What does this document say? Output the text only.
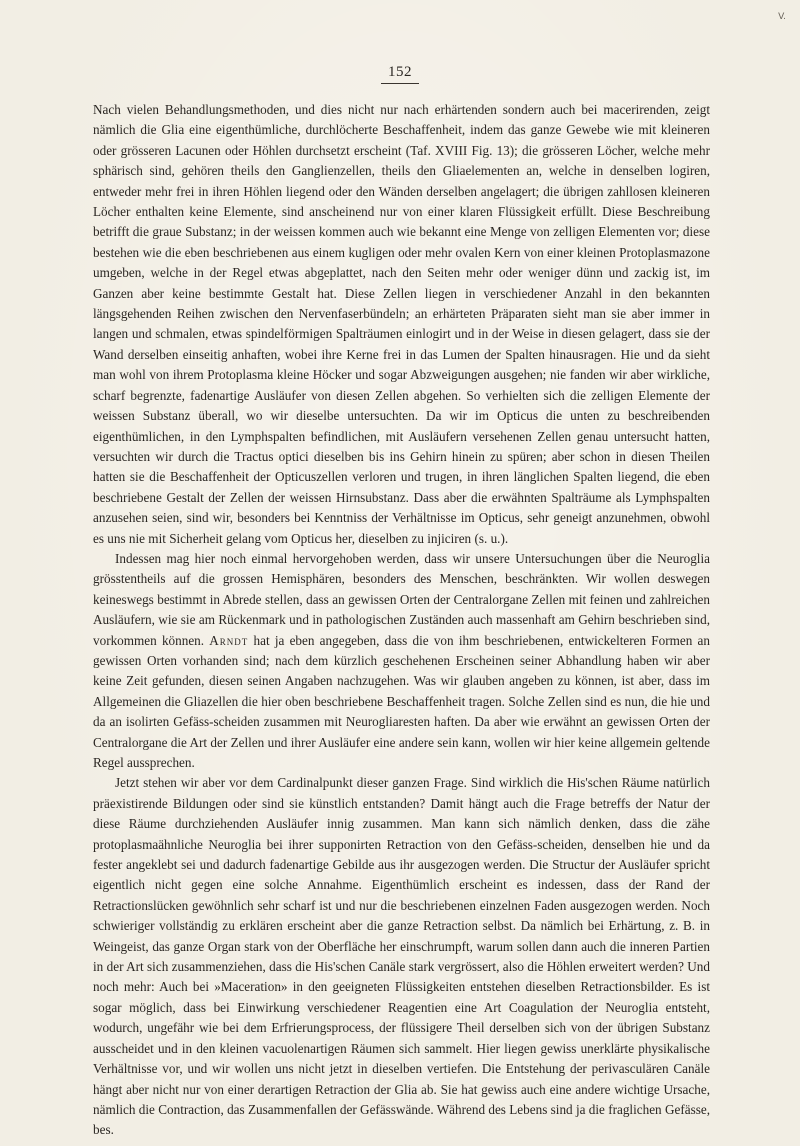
V.
152

Nach vielen Behandlungsmethoden, und dies nicht nur nach erhärtenden sondern auch bei macerirenden, zeigt nämlich die Glia eine eigenthümliche, durchlöcherte Beschaffenheit, indem das ganze Gewebe wie mit kleineren oder grösseren Lacunen oder Höhlen durchsetzt erscheint (Taf. XVIII Fig. 13); die grösseren Löcher, welche mehr sphärisch sind, gehören theils den Ganglienzellen, theils den Gliaelementen an, welche in denselben logiren, entweder mehr frei in ihren Höhlen liegend oder den Wänden derselben angelagert; die übrigen zahllosen kleineren Löcher enthalten keine Elemente, sind anscheinend nur von einer klaren Flüssigkeit erfüllt. Diese Beschreibung betrifft die graue Substanz; in der weissen kommen auch wie bekannt eine Menge von zelligen Elementen vor; diese bestehen wie die eben beschriebenen aus einem kugligen oder mehr ovalen Kern von einer kleinen Protoplasmazone umgeben, welche in der Regel etwas abgeplattet, nach den Seiten mehr oder weniger dünn und zackig ist, im Ganzen aber keine bestimmte Gestalt hat. Diese Zellen liegen in verschiedener Anzahl in den bekannten längsgehenden Reihen zwischen den Nervenfaserbündeln; an erhärteten Präparaten sieht man sie aber immer in langen und schmalen, etwas spindelförmigen Spalträumen einlogirt und in der Weise in diesen gelagert, dass sie der Wand derselben einseitig anhaften, wobei ihre Kerne frei in das Lumen der Spalten hinausragen. Hie und da sieht man wohl von ihrem Protoplasma kleine Höcker und sogar Abzweigungen ausgehen; nie fanden wir aber wirkliche, scharf begrenzte, fadenartige Ausläufer von diesen Zellen abgehen. So verhielten sich die zelligen Elemente der weissen Substanz überall, wo wir dieselbe untersuchten. Da wir im Opticus die unten zu beschreibenden eigenthümlichen, in den Lymphspalten befindlichen, mit Ausläufern versehenen Zellen genau untersucht hatten, versuchten wir durch die Tractus optici dieselben bis ins Gehirn hinein zu spüren; aber schon in diesen Theilen hatten sie die Beschaffenheit der Opticuszellen verloren und trugen, in ihren länglichen Spalten liegend, die eben beschriebene Gestalt der Zellen der weissen Hirnsubstanz. Dass aber die erwähnten Spalträume als Lymphspalten anzusehen seien, sind wir, besonders bei Kenntniss der Verhältnisse im Opticus, sehr geneigt anzunehmen, obwohl es uns nie mit Sicherheit gelang vom Opticus her, dieselben zu injiciren (s. u.).

Indessen mag hier noch einmal hervorgehoben werden, dass wir unsere Untersuchungen über die Neuroglia grösstentheils auf die grossen Hemisphären, besonders des Menschen, beschränkten. Wir wollen deswegen keineswegs bestimmt in Abrede stellen, dass an gewissen Orten der Centralorgane Zellen mit feinen und zahlreichen Ausläufern, wie sie am Rückenmark und in pathologischen Zuständen auch massenhaft am Gehirn beschrieben sind, vorkommen können. Arndt hat ja eben angegeben, dass die von ihm beschriebenen, entwickelteren Formen an gewissen Orten vorhanden sind; nach dem kürzlich geschehenen Erscheinen seiner Abhandlung haben wir aber keine Zeit gefunden, diesen seinen Angaben nachzugehen. Was wir glauben angeben zu können, ist aber, dass im Allgemeinen die Gliazellen die hier oben beschriebene Beschaffenheit tragen. Solche Zellen sind es nun, die hie und da an isolirten Gefäss-scheiden zusammen mit Neurogliaresten haften. Da aber wie erwähnt an gewissen Orten der Centralorgane die Art der Zellen und ihrer Ausläufer eine andere sein kann, wollen wir hier keine allgemein geltende Regel aussprechen.

Jetzt stehen wir aber vor dem Cardinalpunkt dieser ganzen Frage. Sind wirklich die His'schen Räume natürlich präexistirende Bildungen oder sind sie künstlich entstanden? Damit hängt auch die Frage betreffs der Natur der diese Räume durchziehenden Ausläufer innig zusammen. Man kann sich nämlich denken, dass die zähe protoplasmaähnliche Neuroglia bei ihrer supponirten Retraction von den Gefäss-scheiden, denselben hie und da fester angeklebt sei und dadurch fadenartige Gebilde aus ihr ausgezogen werden. Die Structur der Ausläufer spricht eigentlich nicht gegen eine solche Annahme. Eigenthümlich erscheint es indessen, dass der Rand der Retractionslücken gewöhnlich sehr scharf ist und nur die beschriebenen einzelnen Faden ausgezogen werden. Noch schwieriger vollständig zu erklären erscheint aber die ganze Retraction selbst. Da nämlich bei Erhärtung, z. B. in Weingeist, das ganze Organ stark von der Oberfläche her einschrumpft, warum sollen dann auch die inneren Partien in der Art sich zusammenziehen, dass die His'schen Canäle stark vergrössert, also die Höhlen erweitert werden? Und noch mehr: Auch bei »Maceration» in den geeigneten Flüssigkeiten entstehen dieselben Retractionsbilder. Es ist sogar möglich, dass bei Einwirkung verschiedener Reagentien eine Art Coagulation der Neuroglia entsteht, wodurch, ungefähr wie bei dem Erfrierungsprocess, der flüssigere Theil derselben sich von der übrigen Substanz ausscheidet und in den kleinen vacuolenartigen Räumen sich sammelt. Hier liegen gewiss unerklärte physikalische Verhältnisse vor, und wir wollen uns nicht jetzt in dieselben vertiefen. Die Entstehung der perivasculären Canäle hängt aber nicht nur von einer derartigen Retraction der Glia ab. Sie hat gewiss auch eine andere wichtige Ursache, nämlich die Contraction, das Zusammenfallen der Gefässwände. Während des Lebens sind ja die fraglichen Gefässe, bes.
